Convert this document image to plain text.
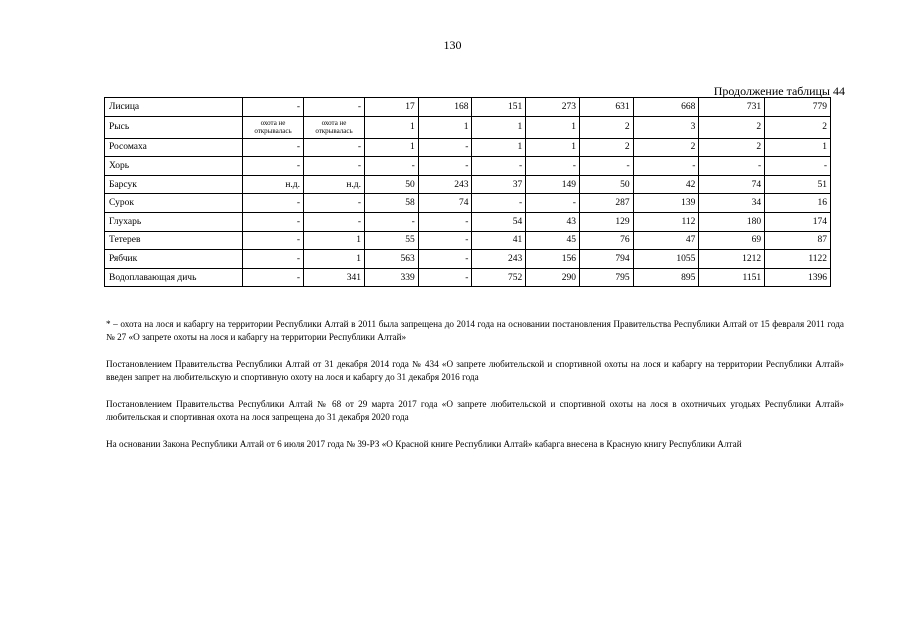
130
Продолжение таблицы 44
Лисица	-	-	17	168	151	273	631	668	731	779
Рысь	охота не открывалась	охота не открывалась	1	1	1	1	2	3	2	2
Росомаха	-	-	1	-	1	1	2	2	2	1
Хорь	-	-	-	-	-	-	-	-	-	-
Барсук	н.д.	н.д.	50	243	37	149	50	42	74	51
Сурок	-	-	58	74	-	-	287	139	34	16
Глухарь	-	-	-	-	54	43	129	112	180	174
Тетерев	-	1	55	-	41	45	76	47	69	87
Рябчик	-	1	563	-	243	156	794	1055	1212	1122
Водоплавающая дичь	-	341	339	-	752	290	795	895	1151	1396

* – охота на лося и кабаргу на территории Республики Алтай в 2011 была запрещена до 2014 года на основании постановления Правительства Республики Алтай от 15 февраля 2011 года № 27 «О запрете охоты на лося и кабаргу на территории Республики Алтай»

Постановлением Правительства Республики Алтай от 31 декабря 2014 года № 434 «О запрете любительской и спортивной охоты на лося и кабаргу на территории Республики Алтай» введен запрет на любительскую и спортивную охоту на лося и кабаргу до 31 декабря 2016 года

Постановлением Правительства Республики Алтай № 68 от 29 марта 2017 года «О запрете любительской и спортивной охоты на лося в охотничьих угодьях Республики Алтай» любительская и спортивная охота на лося запрещена до 31 декабря 2020 года

На основании Закона Республики Алтай от 6 июля 2017 года № 39-РЗ «О Красной книге Республики Алтай» кабарга внесена в Красную книгу Республики Алтай
